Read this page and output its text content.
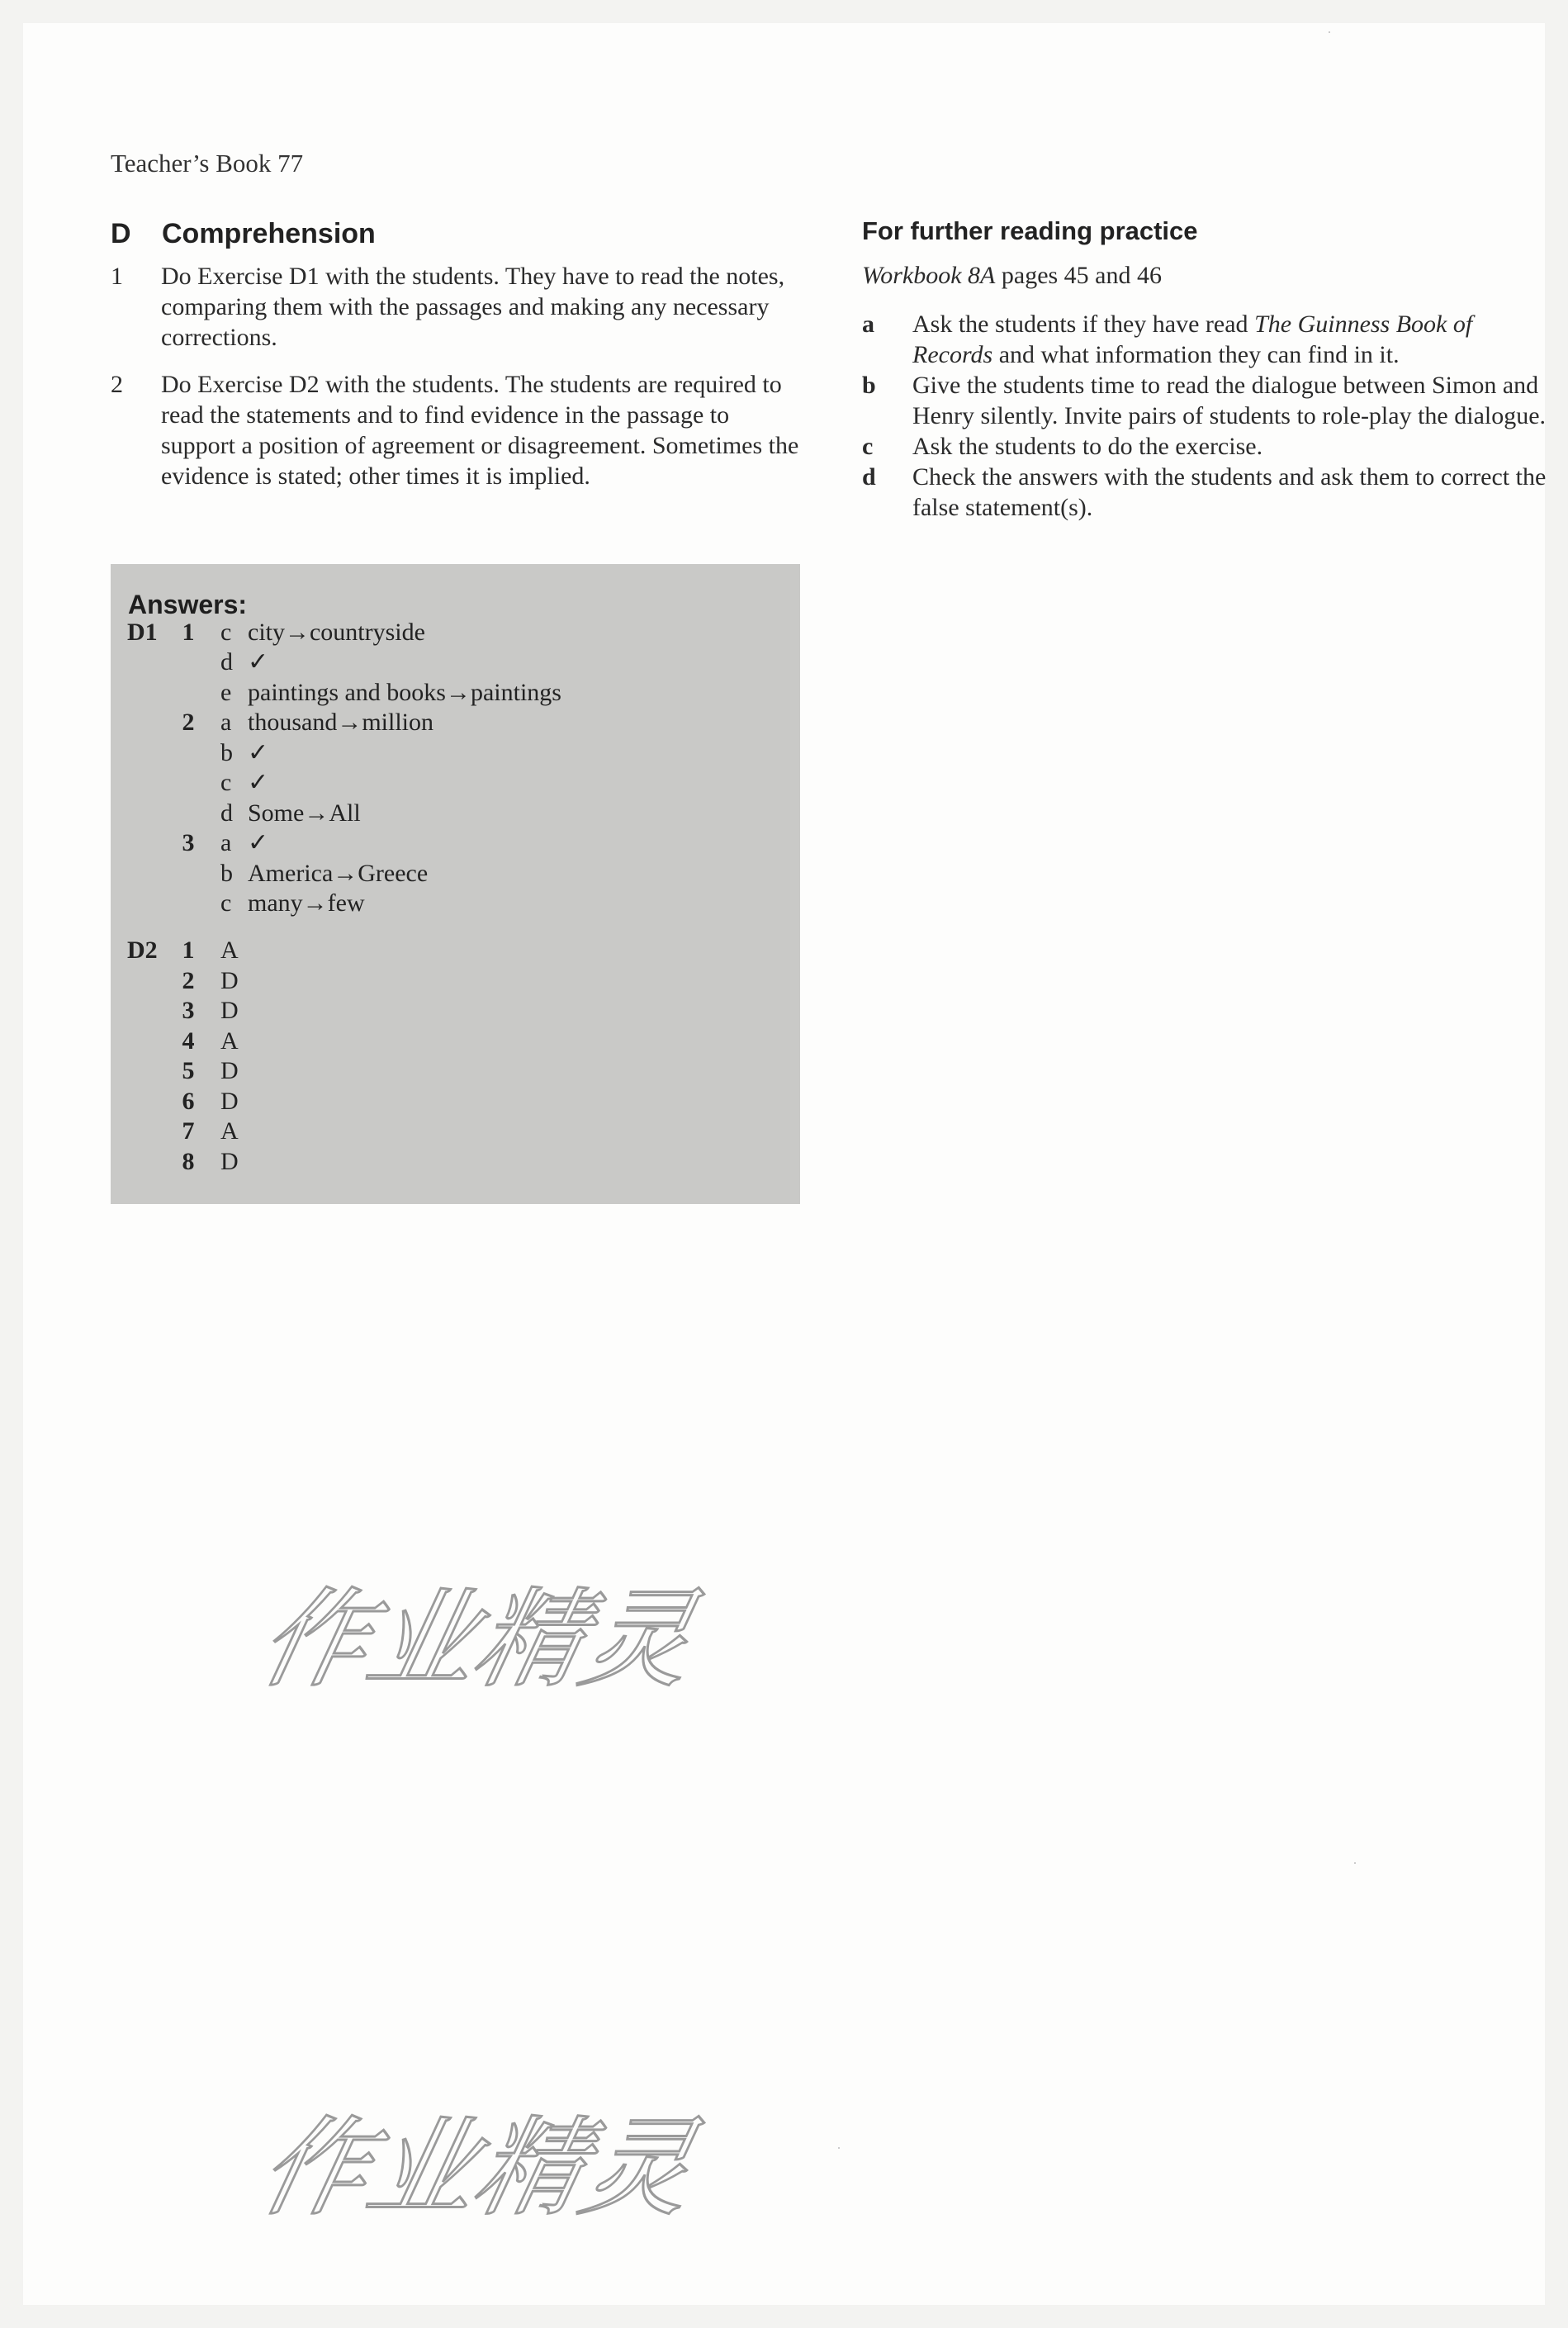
Teacher’s Book 77
D Comprehension
1	Do Exercise D1 with the students. They have to read the notes, comparing them with the passages and making any necessary corrections.
2	Do Exercise D2 with the students. The students are required to read the statements and to find evidence in the passage to support a position of agreement or disagreement. Sometimes the evidence is stated; other times it is implied.
Answers:
D1 1 c city→countryside
d ✓
e paintings and books→paintings
2 a thousand→million
b ✓
c ✓
d Some→All
3 a ✓
b America→Greece
c many→few
D2 1 A
2 D
3 D
4 A
5 D
6 D
7 A
8 D
For further reading practice
Workbook 8A pages 45 and 46
a	Ask the students if they have read The Guinness Book of Records and what information they can find in it.
b	Give the students time to read the dialogue between Simon and Henry silently. Invite pairs of students to role-play the dialogue.
c	Ask the students to do the exercise.
d	Check the answers with the students and ask them to correct the false statement(s).
作业精灵
作业精灵
